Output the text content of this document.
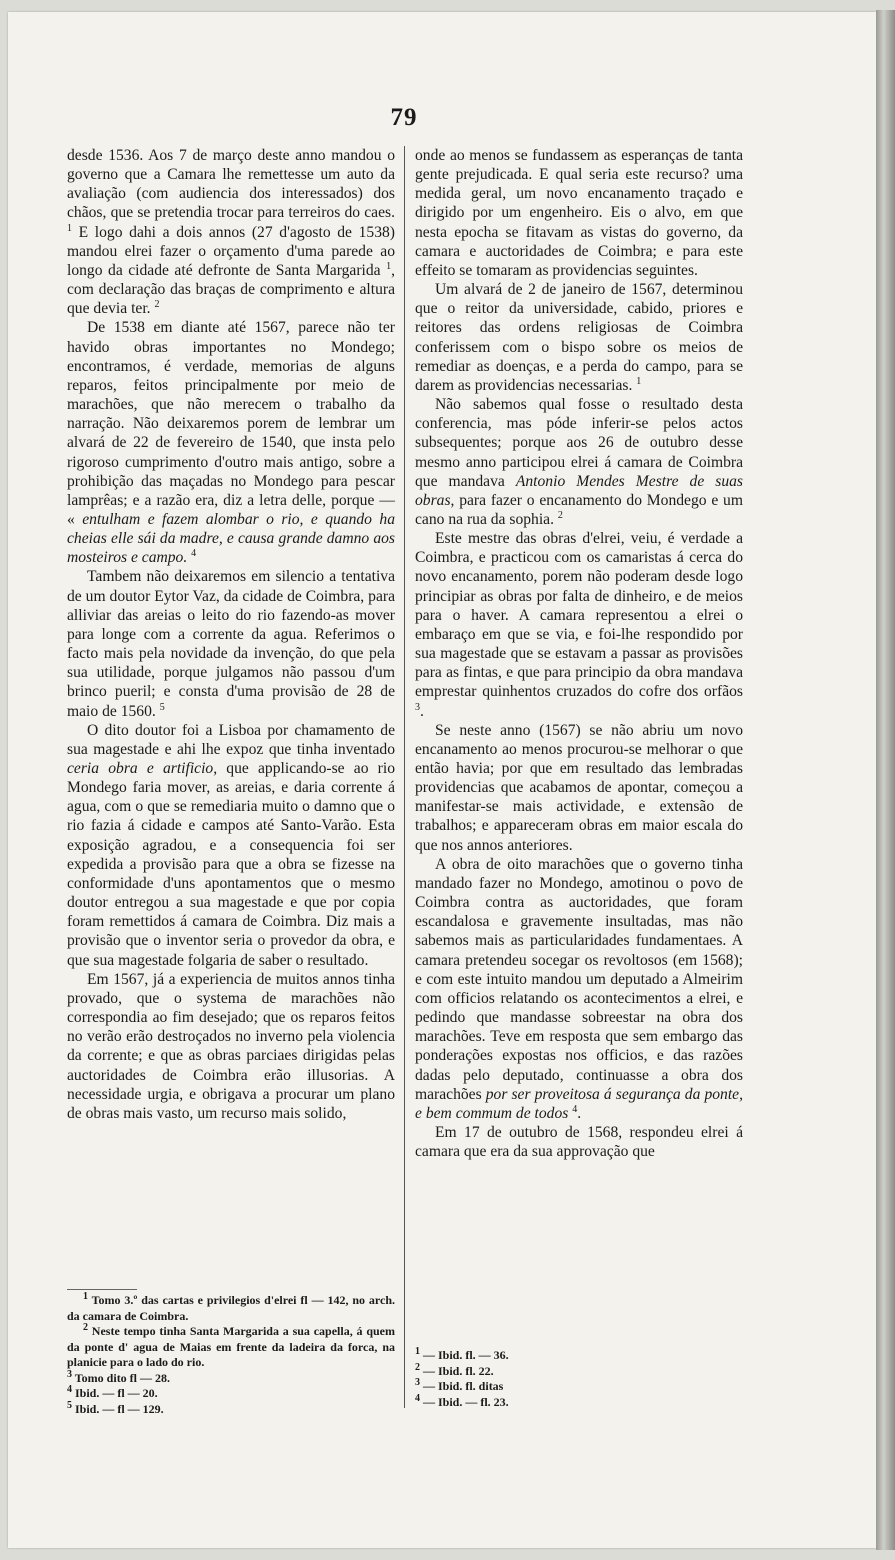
79

desde 1536. Aos 7 de março deste anno mandou o governo que a Camara lhe remettesse um auto da avaliação (com audiencia dos interessados) dos chãos, que se pretendia trocar para terreiros do caes. $^1$ E logo dahi a dois annos (27 d'agosto de 1538) mandou elrei fazer o orçamento d'uma parede ao longo da cidade até defronte de Santa Margarida $^1$, com declaração das braças de comprimento e altura que devia ter. $^2$

De 1538 em diante até 1567, parece não ter havido obras importantes no Mondego; encontramos, é verdade, memorias de alguns reparos, feitos principalmente por meio de marachões, que não merecem o trabalho da narração. Não deixaremos porem de lembrar um alvará de 22 de fevereiro de 1540, que insta pelo rigoroso cumprimento d'outro mais antigo, sobre a prohibição das maçadas no Mondego para pescar lamprêas; e a razão era, diz a letra delle, porque — « entulham e fazem alombar o rio, e quando ha cheias elle sái da madre, e causa grande damno aos mosteiros e campo. $^4$

Tambem não deixaremos em silencio a tentativa de um doutor Eytor Vaz, da cidade de Coimbra, para alliviar das areias o leito do rio fazendo-as mover para longe com a corrente da agua. Referimos o facto mais pela novidade da invenção, do que pela sua utilidade, porque julgamos não passou d'um brinco pueril; e consta d'uma provisão de 28 de maio de 1560. $^5$

O dito doutor foi a Lisboa por chamamento de sua magestade e ahi lhe expoz que tinha inventado ceria obra e artificio, que applicando-se ao rio Mondego faria mover, as areias, e daria corrente á agua, com o que se remediaria muito o damno que o rio fazia á cidade e campos até Santo-Varão. Esta exposição agradou, e a consequencia foi ser expedida a provisão para que a obra se fizesse na conformidade d'uns apontamentos que o mesmo doutor entregou a sua magestade e que por copia foram remettidos á camara de Coimbra. Diz mais a provisão que o inventor seria o provedor da obra, e que sua magestade folgaria de saber o resultado.

Em 1567, já a experiencia de muitos annos tinha provado, que o systema de marachões não correspondia ao fim desejado; que os reparos feitos no verão erão destroçados no inverno pela violencia da corrente; e que as obras parciaes dirigidas pelas auctoridades de Coimbra erão illusorias. A necessidade urgia, e obrigava a procurar um plano de obras mais vasto, um recurso mais solido,

onde ao menos se fundassem as esperanças de tanta gente prejudicada. E qual seria este recurso? uma medida geral, um novo encanamento traçado e dirigido por um engenheiro. Eis o alvo, em que nesta epocha se fitavam as vistas do governo, da camara e auctoridades de Coimbra; e para este effeito se tomaram as providencias seguintes.

Um alvará de 2 de janeiro de 1567, determinou que o reitor da universidade, cabido, priores e reitores das ordens religiosas de Coimbra conferissem com o bispo sobre os meios de remediar as doenças, e a perda do campo, para se darem as providencias necessarias. $^1$

Não sabemos qual fosse o resultado desta conferencia, mas póde inferir-se pelos actos subsequentes; porque aos 26 de outubro desse mesmo anno participou elrei á camara de Coimbra que mandava Antonio Mendes Mestre de suas obras, para fazer o encanamento do Mondego e um cano na rua da sophia. $^2$

Este mestre das obras d'elrei, veiu, é verdade a Coimbra, e practicou com os camaristas á cerca do novo encanamento, porem não poderam desde logo principiar as obras por falta de dinheiro, e de meios para o haver. A camara representou a elrei o embaraço em que se via, e foi-lhe respondido por sua magestade que se estavam a passar as provisões para as fintas, e que para principio da obra mandava emprestar quinhentos cruzados do cofre dos orfãos $^3$.

Se neste anno (1567) se não abriu um novo encanamento ao menos procurou-se melhorar o que então havia; por que em resultado das lembradas providencias que acabamos de apontar, começou a manifestar-se mais actividade, e extensão de trabalhos; e appareceram obras em maior escala do que nos annos anteriores.

A obra de oito marachões que o governo tinha mandado fazer no Mondego, amotinou o povo de Coimbra contra as auctoridades, que foram escandalosa e gravemente insultadas, mas não sabemos mais as particularidades fundamentaes. A camara pretendeu socegar os revoltosos (em 1568); e com este intuito mandou um deputado a Almeirim com officios relatando os acontecimentos a elrei, e pedindo que mandasse sobreestar na obra dos marachões. Teve em resposta que sem embargo das ponderações expostas nos officios, e das razões dadas pelo deputado, continuasse a obra dos marachões por ser proveitosa á segurança da ponte, e bem commum de todos $^4$.

Em 17 de outubro de 1568, respondeu elrei á camara que era da sua approvação que

$^1$ Tomo 3.º das cartas e privilegios d'elrei fl — 142, no arch. da camara de Coimbra.

$^2$ Neste tempo tinha Santa Margarida a sua capella, á quem da ponte d' agua de Maias em frente da ladeira da forca, na planicie para o lado do rio.

$^3$ Tomo dito fl — 28.

$^4$ Ibid. — fl — 20.

$^5$ Ibid. — fl — 129.

$^1$ — Ibid. fl. — 36.

$^2$ — Ibid. fl. 22.

$^3$ — Ibid. fl. ditas

$^4$ — Ibid. — fl. 23.
